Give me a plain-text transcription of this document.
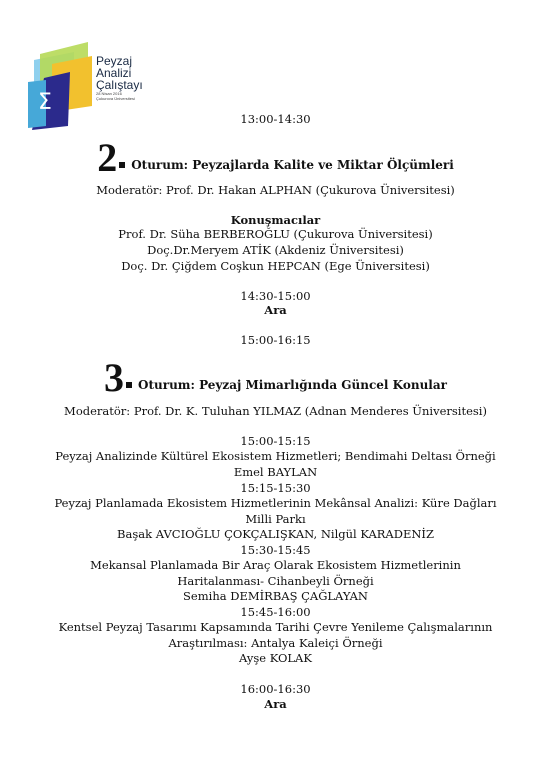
Σ
Peyzaj
Analizi
Çalıştayı
28 Nisan 2016
Çukurova Üniversitesi
13:00-14:30
2 Oturum: Peyzajlarda Kalite ve Miktar Ölçümleri
Moderatör: Prof. Dr. Hakan ALPHAN (Çukurova Üniversitesi)
Konuşmacılar
Prof. Dr. Süha BERBEROĞLU (Çukurova Üniversitesi)
Doç.Dr.Meryem ATİK (Akdeniz Üniversitesi)
Doç. Dr. Çiğdem Coşkun HEPCAN (Ege Üniversitesi)
14:30-15:00
Ara
15:00-16:15
3 Oturum: Peyzaj Mimarlığında Güncel Konular
Moderatör: Prof. Dr. K. Tuluhan YILMAZ (Adnan Menderes Üniversitesi)
15:00-15:15
Peyzaj Analizinde Kültürel Ekosistem Hizmetleri; Bendimahi Deltası Örneği
Emel BAYLAN
15:15-15:30
Peyzaj Planlamada Ekosistem Hizmetlerinin Mekânsal Analizi: Küre Dağları
Milli Parkı
Başak AVCIOĞLU ÇOKÇALIŞKAN, Nilgül KARADENİZ
15:30-15:45
Mekansal Planlamada Bir Araç Olarak Ekosistem Hizmetlerinin
Haritalanması- Cihanbeyli Örneği
Semiha DEMİRBAŞ ÇAĞLAYAN
15:45-16:00
Kentsel Peyzaj Tasarımı Kapsamında Tarihi Çevre Yenileme Çalışmalarının
Araştırılması: Antalya Kaleiçi Örneği
Ayşe KOLAK
16:00-16:30
Ara
